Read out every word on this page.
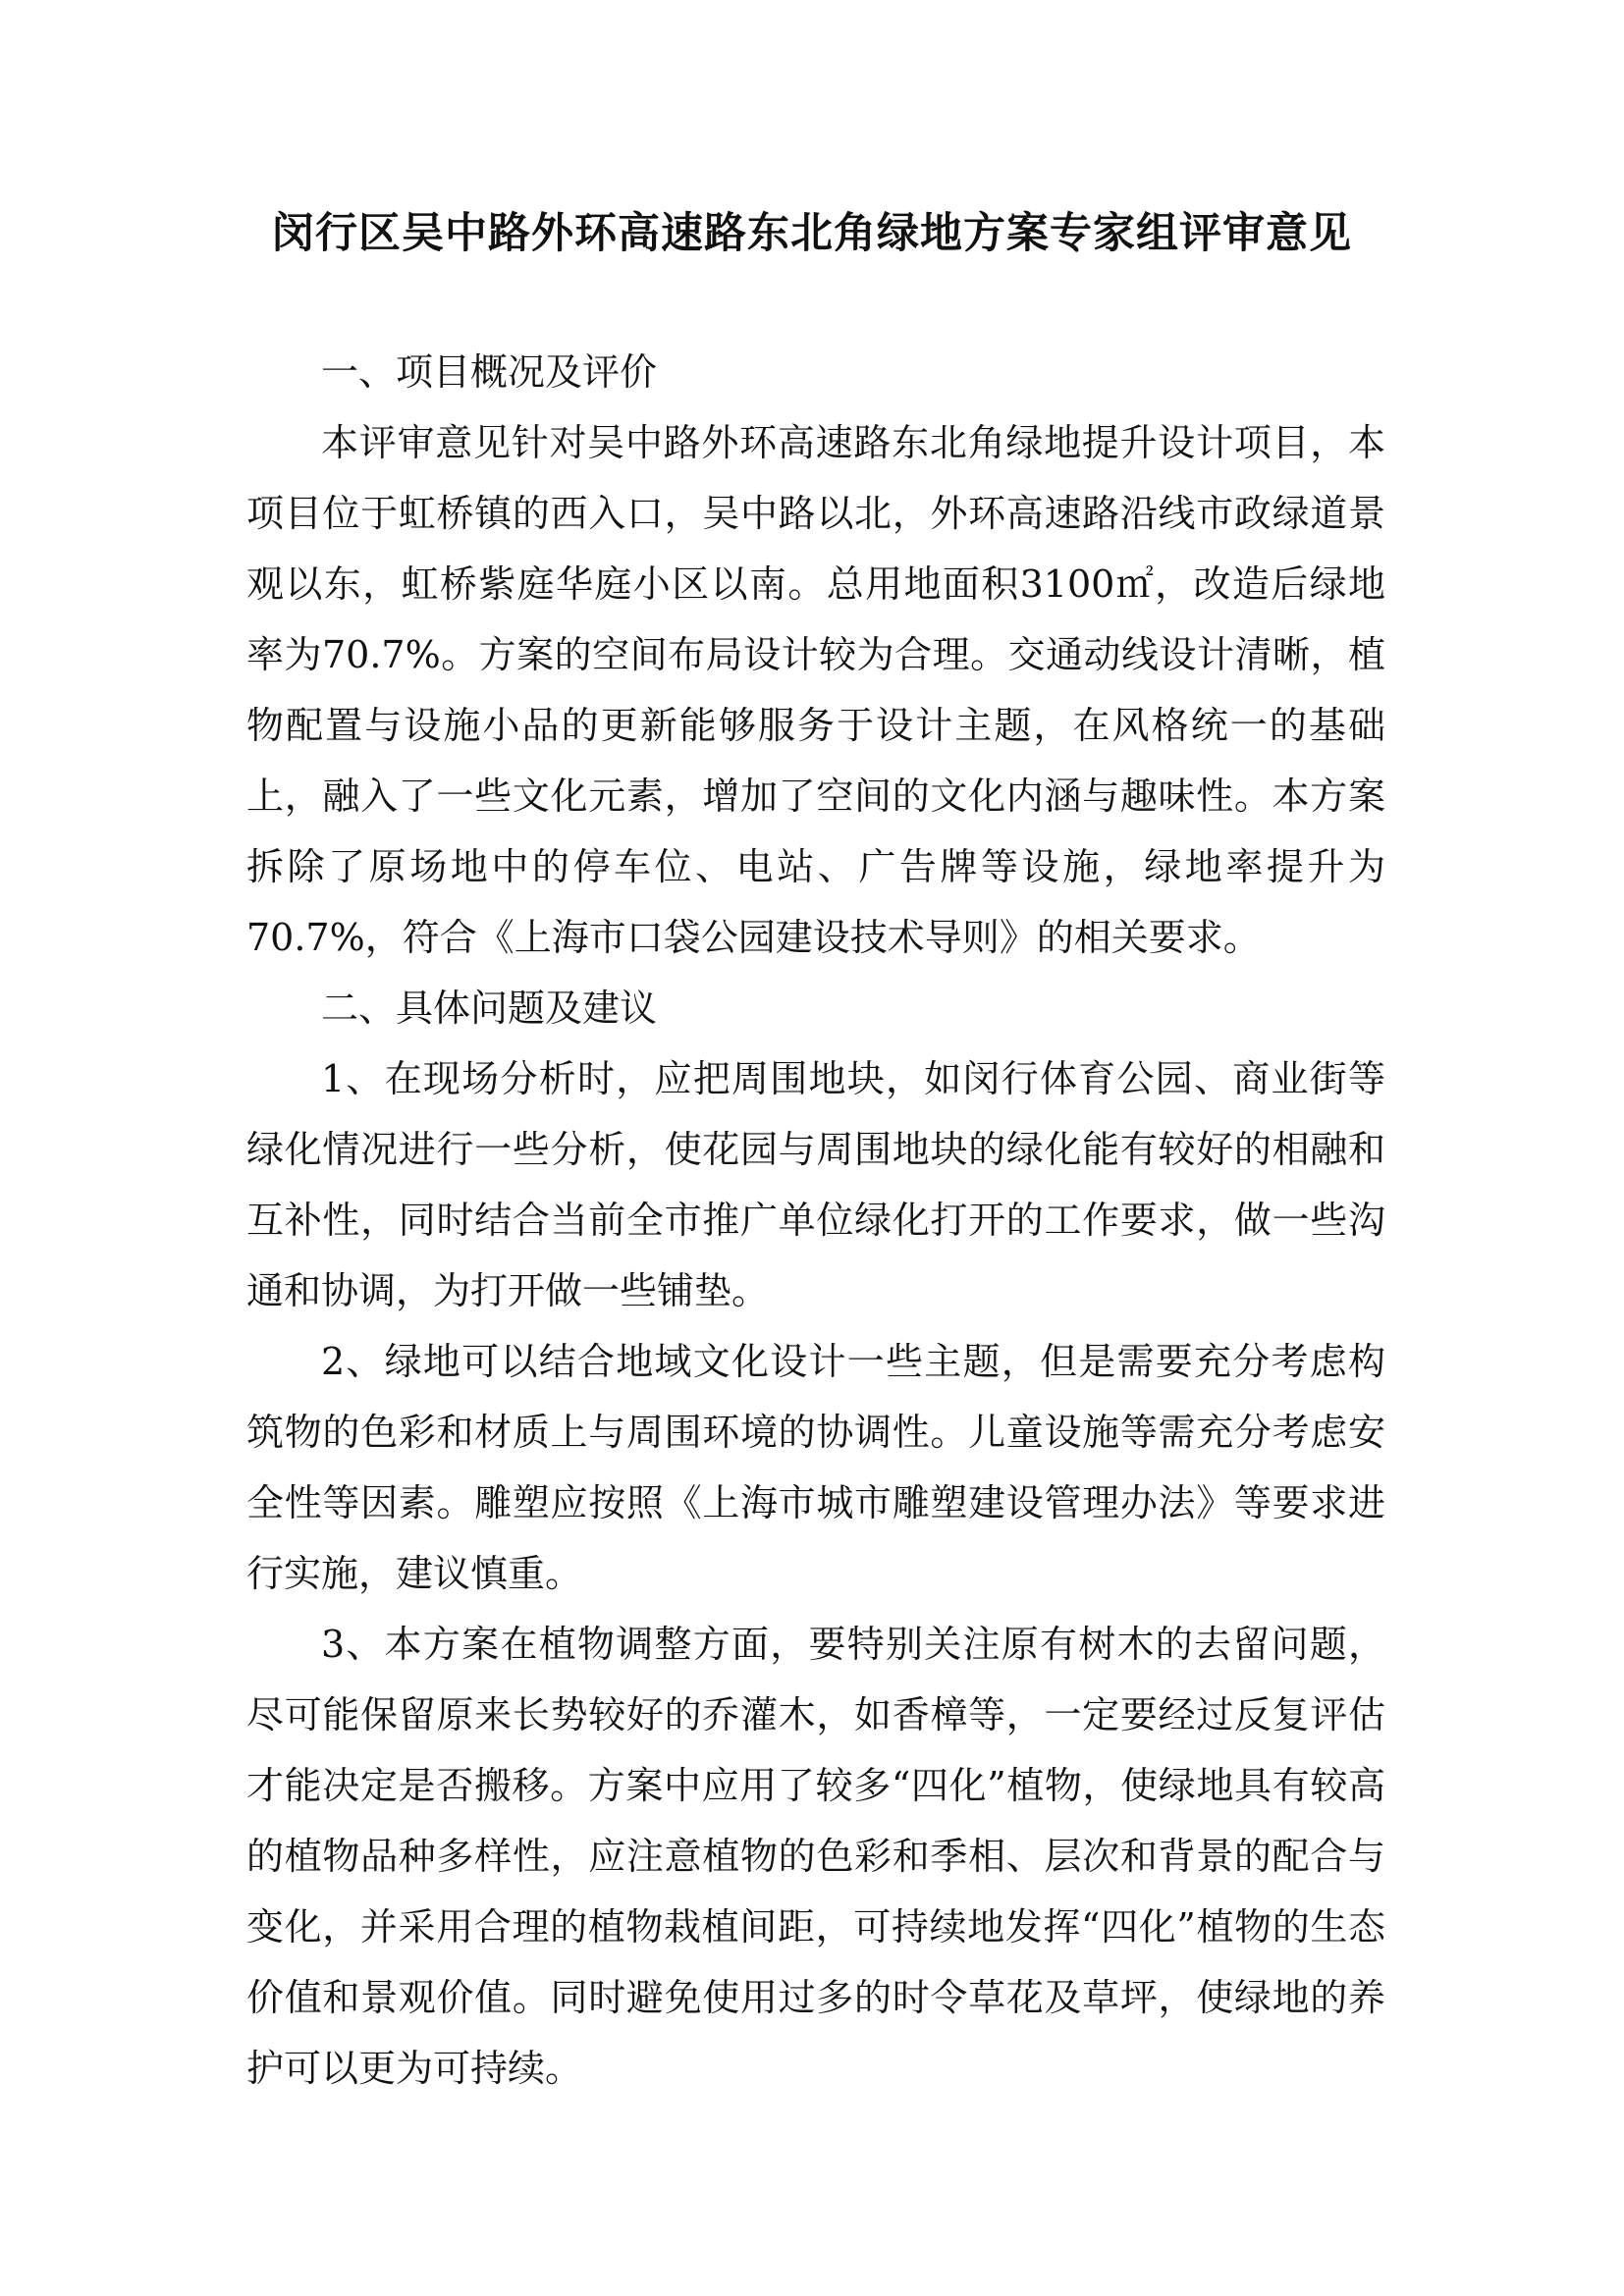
闵行区吴中路外环高速路东北角绿地方案专家组评审意见

一、项目概况及评价

本评审意见针对吴中路外环高速路东北角绿地提升设计项目，本项目位于虹桥镇的西入口，吴中路以北，外环高速路沿线市政绿道景观以东，虹桥紫庭华庭小区以南。总用地面积3100㎡，改造后绿地率为70.7%。方案的空间布局设计较为合理。交通动线设计清晰，植物配置与设施小品的更新能够服务于设计主题，在风格统一的基础上，融入了一些文化元素，增加了空间的文化内涵与趣味性。本方案拆除了原场地中的停车位、电站、广告牌等设施，绿地率提升为70.7%，符合《上海市口袋公园建设技术导则》的相关要求。

二、具体问题及建议

1、在现场分析时，应把周围地块，如闵行体育公园、商业街等绿化情况进行一些分析，使花园与周围地块的绿化能有较好的相融和互补性，同时结合当前全市推广单位绿化打开的工作要求，做一些沟通和协调，为打开做一些铺垫。

2、绿地可以结合地域文化设计一些主题，但是需要充分考虑构筑物的色彩和材质上与周围环境的协调性。儿童设施等需充分考虑安全性等因素。雕塑应按照《上海市城市雕塑建设管理办法》等要求进行实施，建议慎重。

3、本方案在植物调整方面，要特别关注原有树木的去留问题，尽可能保留原来长势较好的乔灌木，如香樟等，一定要经过反复评估才能决定是否搬移。方案中应用了较多“四化”植物，使绿地具有较高的植物品种多样性，应注意植物的色彩和季相、层次和背景的配合与变化，并采用合理的植物栽植间距，可持续地发挥“四化”植物的生态价值和景观价值。同时避免使用过多的时令草花及草坪，使绿地的养护可以更为可持续。
